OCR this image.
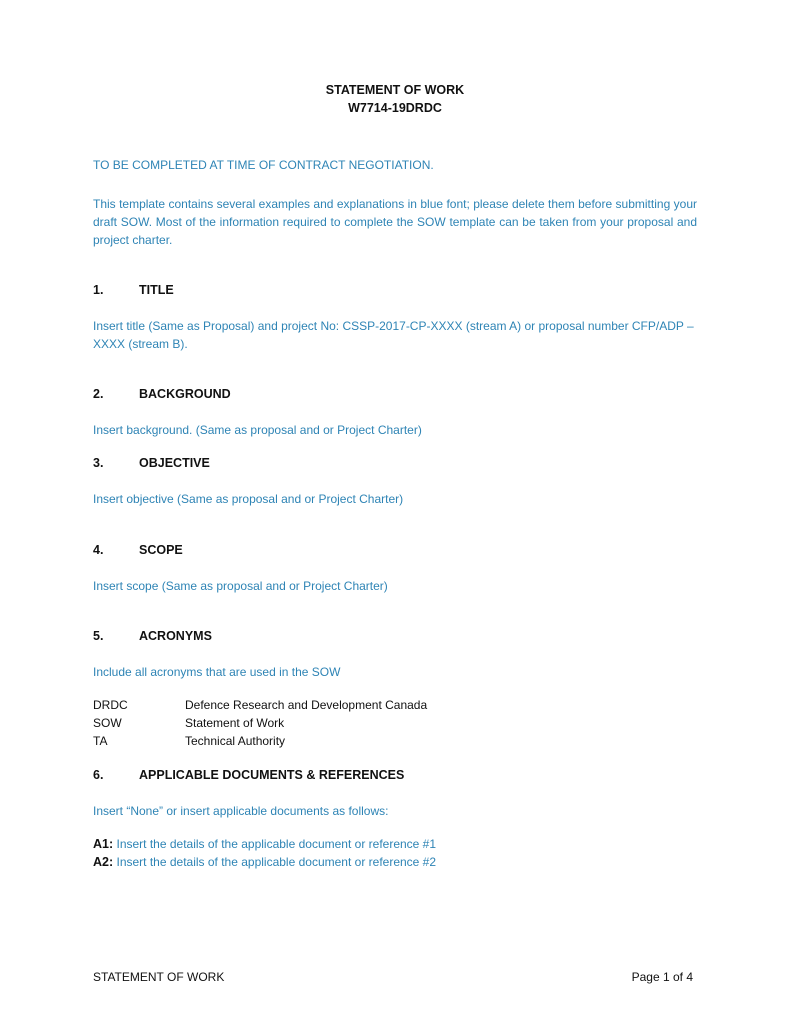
STATEMENT OF WORK
W7714-19DRDC
TO BE COMPLETED AT TIME OF CONTRACT NEGOTIATION.
This template contains several examples and explanations in blue font; please delete them before submitting your draft SOW. Most of the information required to complete the SOW template can be taken from your proposal and project charter.
1.	TITLE
Insert title (Same as Proposal) and project No: CSSP-2017-CP-XXXX (stream A) or proposal number CFP/ADP – XXXX (stream B).
2.	BACKGROUND
Insert background. (Same as proposal and or Project Charter)
3.	OBJECTIVE
Insert objective (Same as proposal and or Project Charter)
4.	SCOPE
Insert scope (Same as proposal and or Project Charter)
5.	ACRONYMS
Include all acronyms that are used in the SOW
DRDC	Defence Research and Development Canada
SOW	Statement of Work
TA	Technical Authority
6.	APPLICABLE DOCUMENTS & REFERENCES
Insert “None” or insert applicable documents as follows:
A1: Insert the details of the applicable document or reference #1
A2: Insert the details of the applicable document or reference #2
STATEMENT OF WORK	Page 1 of 4
